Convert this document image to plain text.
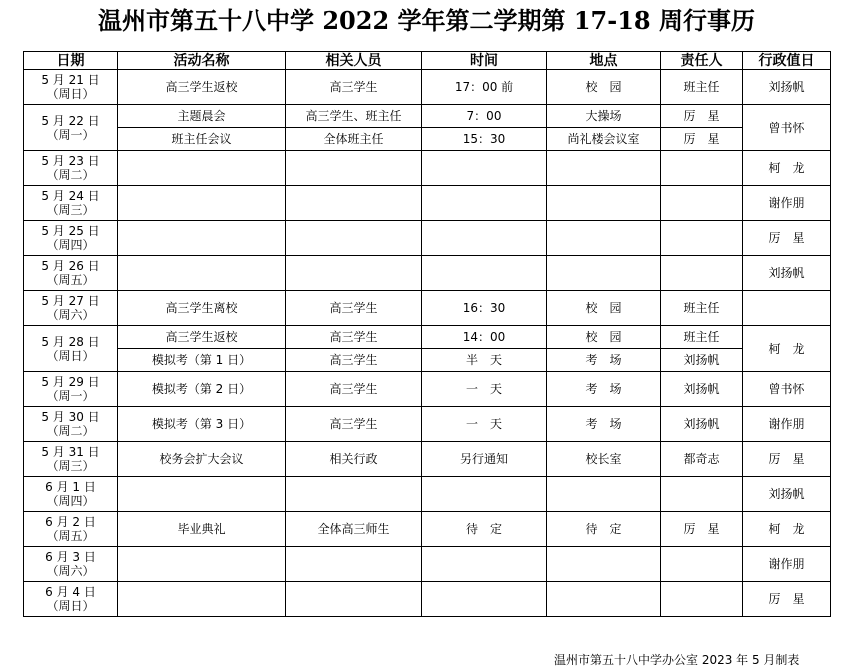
温州市第五十八中学 2022 学年第二学期第 17-18 周行事历
日期	活动名称	相关人员	时间	地点	责任人	行政值日

5 月 21 日
（周日）	高三学生返校	高三学生	17：00 前	校　园	班主任	刘扬帆

5 月 22 日
（周一）	主题晨会	高三学生、班主任	7：00	大操场	厉　星	曾书怀
	班主任会议	全体班主任	15：30	尚礼楼会议室	厉　星	

5 月 23 日
（周二）						柯　龙

5 月 24 日
（周三）						谢作朋

5 月 25 日
（周四）						厉　星

5 月 26 日
（周五）						刘扬帆

5 月 27 日
（周六）	高三学生离校	高三学生	16：30	校　园	班主任	

5 月 28 日
（周日）	高三学生返校	高三学生	14：00	校　园	班主任	柯　龙
	模拟考（第 1 日）	高三学生	半　天	考　场	刘扬帆	

5 月 29 日
（周一）	模拟考（第 2 日）	高三学生	一　天	考　场	刘扬帆	曾书怀

5 月 30 日
（周二）	模拟考（第 3 日）	高三学生	一　天	考　场	刘扬帆	谢作朋

5 月 31 日
（周三）	校务会扩大会议	相关行政	另行通知	校长室	都奇志	厉　星

6 月 1 日
（周四）						刘扬帆

6 月 2 日
（周五）	毕业典礼	全体高三师生	待　定	待　定	厉　星	柯　龙

6 月 3 日
（周六）						谢作朋

6 月 4 日
（周日）						厉　星
温州市第五十八中学办公室 2023 年 5 月制表
